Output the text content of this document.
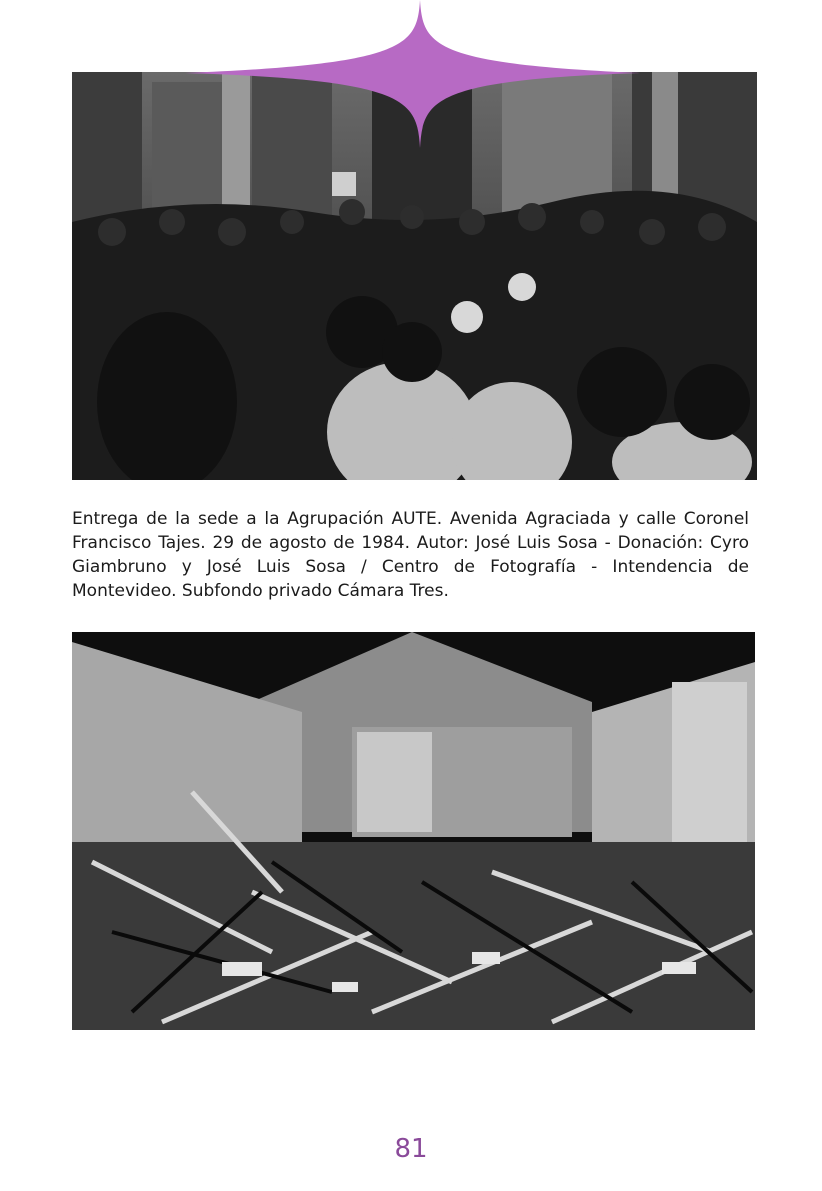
Entrega de la sede a la Agrupación AUTE. Avenida Agraciada y calle Coronel Francisco Tajes. 29 de agosto de 1984. Autor: José Luis Sosa - Donación: Cyro Giambruno y José Luis Sosa / Centro de Fotografía - Intendencia de Montevideo. Subfondo privado Cámara Tres.

81
